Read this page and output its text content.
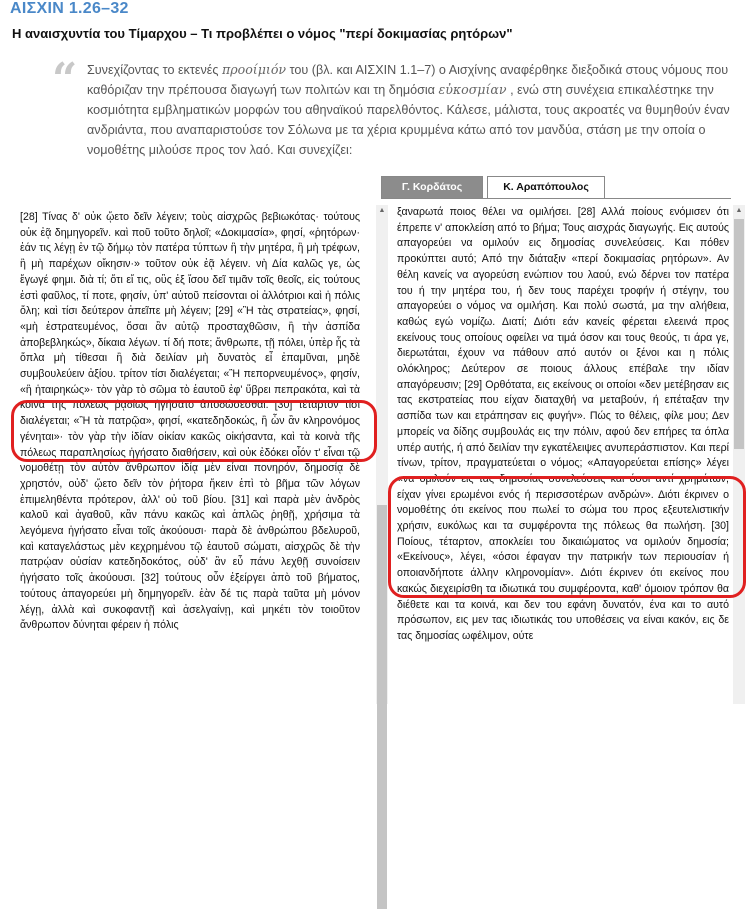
ΑΙΣΧΙΝ 1.26–32
Η αναισχυντία του Τίμαρχου – Τι προβλέπει ο νόμος "περί δοκιμασίας ρητόρων"
“ Συνεχίζοντας το εκτενές προοίμιόν του (βλ. και ΑΙΣΧΙΝ 1.1–7) ο Αισχίνης αναφέρθηκε διεξοδικά στους νόμους που καθόριζαν την πρέπουσα διαγωγή των πολιτών και τη δημόσια εὐκοσμίαν , ενώ στη συνέχεια επικαλέστηκε την κοσμιότητα εμβληματικών μορφών του αθηναϊκού παρελθόντος. Κάλεσε, μάλιστα, τους ακροατές να θυμηθούν έναν ανδριάντα, που αναπαριστούσε τον Σόλωνα με τα χέρια κρυμμένα κάτω από τον μανδύα, στάση με την οποία ο νομοθέτης μιλούσε προς τον λαό. Και συνεχίζει:
Γ. Κορδάτος	Κ. Αραπόπουλος

[28] Τίνας δ' οὐκ ᾤετο δεῖν λέγειν; τοὺς αἰσχρῶς βεβιωκότας· τούτους οὐκ ἐᾷ δημηγορεῖν. καὶ ποῦ τοῦτο δηλοῖ; «Δοκιμασία», φησί, «ῥητόρων· ἐάν τις λέγῃ ἐν τῷ δήμῳ τὸν πατέρα τύπτων ἢ τὴν μητέρα, ἢ μὴ τρέφων, ἢ μὴ παρέχων οἴκησιν·» τοῦτον οὐκ ἐᾷ λέγειν. νὴ Δία καλῶς γε, ὡς ἔγωγέ φημι. διὰ τί; ὅτι εἴ τις, οὓς ἐξ ἴσου δεῖ τιμᾶν τοῖς θεοῖς, εἰς τούτους ἐστὶ φαῦλος, τί ποτε, φησίν, ὑπ' αὐτοῦ πείσονται οἱ ἀλλότριοι καὶ ἡ πόλις ὅλη; καὶ τίσι δεύτερον ἀπεῖπε μὴ λέγειν; [29] «Ἢ τὰς στρατείας», φησί, «μὴ ἐστρατευμένος, ὅσαι ἂν αὐτῷ προσταχθῶσιν, ἢ τὴν ἀσπίδα ἀποβεβληκώς», δίκαια λέγων. τί δή ποτε; ἄνθρωπε, τῇ πόλει, ὑπὲρ ἧς τὰ ὅπλα μὴ τίθεσαι ἢ διὰ δειλίαν μὴ δυνατὸς εἶ ἐπαμῦναι, μηδὲ συμβουλεύειν ἀξίου. τρίτον τίσι διαλέγεται; «Ἢ πεπορνευμένος», φησίν, «ἢ ἡταιρηκώς»· τὸν γὰρ τὸ σῶμα τὸ ἑαυτοῦ ἐφ' ὕβρει πεπρακότα, καὶ τὰ κοινὰ τῆς πόλεως ῥᾳδίως ἡγήσατο ἀποδώσεσθαι. [30] τέταρτον τίσι διαλέγεται; «Ἢ τὰ πατρῷα», φησί, «κατεδηδοκώς, ἢ ὧν ἂν κληρονόμος γένηται»· τὸν γὰρ τὴν ἰδίαν οἰκίαν κακῶς οἰκήσαντα, καὶ τὰ κοινὰ τῆς πόλεως παραπλησίως ἡγήσατο διαθήσειν, καὶ οὐκ ἐδόκει οἷόν τ' εἶναι τῷ νομοθέτῃ τὸν αὐτὸν ἄνθρωπον ἰδίᾳ μὲν εἶναι πονηρόν, δημοσίᾳ δὲ χρηστόν, οὐδ' ᾤετο δεῖν τὸν ῥήτορα ἥκειν ἐπὶ τὸ βῆμα τῶν λόγων ἐπιμεληθέντα πρότερον, ἀλλ' οὐ τοῦ βίου. [31] καὶ παρὰ μὲν ἀνδρὸς καλοῦ καὶ ἀγαθοῦ, κἂν πάνυ κακῶς καὶ ἁπλῶς ῥηθῇ, χρήσιμα τὰ λεγόμενα ἡγήσατο εἶναι τοῖς ἀκούουσι· παρὰ δὲ ἀνθρώπου βδελυροῦ, καὶ καταγελάστως μὲν κεχρημένου τῷ ἑαυτοῦ σώματι, αἰσχρῶς δὲ τὴν πατρῴαν οὐσίαν κατεδηδοκότος, οὐδ' ἂν εὖ πάνυ λεχθῇ συνοίσειν ἡγήσατο τοῖς ἀκούουσι. [32] τούτους οὖν ἐξείργει ἀπὸ τοῦ βήματος, τούτους ἀπαγορεύει μὴ δημηγορεῖν. ἐὰν δέ τις παρὰ ταῦτα μὴ μόνον λέγῃ, ἀλλὰ καὶ συκοφαντῇ καὶ ἀσελγαίνῃ, καὶ μηκέτι τὸν τοιοῦτον ἄνθρωπον δύνηται φέρειν ἡ πόλις

▲ ξαναρωτά ποιος θέλει να ομιλήσει. [28] Αλλά ποίους ενόμισεν ότι έπρεπε ν' αποκλείση από το βήμα; Τους αισχράς διαγωγής. Εις αυτούς απαγορεύει να ομιλούν εις δημοσίας συνελεύσεις. Και πόθεν προκύπτει αυτό; Από την διάταξιν «περί δοκιμασίας ρητόρων». Αν θέλη κανείς να αγορεύση ενώπιον του λαού, ενώ δέρνει τον πατέρα του ή την μητέρα του, ή δεν τους παρέχει τροφήν ή στέγην, του απαγορεύει ο νόμος να ομιλήση. Και πολύ σωστά, μα την αλήθεια, καθώς εγώ νομίζω. Διατί; Διότι εάν κανείς φέρεται ελεεινά προς εκείνους τους οποίους οφείλει να τιμά όσον και τους θεούς, τι άρα γε, διερωτάται, έχουν να πάθουν από αυτόν οι ξένοι και η πόλις ολόκληρος; Δεύτερον σε ποιους άλλους επέβαλε την ιδίαν απαγόρευσιν; [29] Ορθότατα, εις εκείνους οι οποίοι «δεν μετέβησαν εις τας εκστρατείας που είχαν διαταχθή να μεταβούν, ή επέταξαν την ασπίδα των και ετράπησαν εις φυγήν». Πώς το θέλεις, φίλε μου; Δεν μπορείς να δίδης συμβουλάς εις την πόλιν, αφού δεν επήρες τα όπλα υπέρ αυτής, ή από δειλίαν την εγκατέλειψες ανυπεράσπιστον. Και περί τίνων, τρίτον, πραγματεύεται ο νόμος; «Απαγορεύεται επίσης» λέγει «να ομιλούν εις τας δημοσίας συνελεύσεις και όσοι αντί χρημάτων, είχαν γίνει ερωμένοι ενός ή περισσοτέρων ανδρών». Διότι έκρινεν ο νομοθέτης ότι εκείνος που πωλεί το σώμα του προς εξευτελιστικήν χρήσιν, ευκόλως και τα συμφέροντα της πόλεως θα πωλήση. [30] Ποίους, τέταρτον, αποκλείει του δικαιώματος να ομιλούν δημοσία; «Εκείνους», λέγει, «όσοι έφαγαν την πατρικήν των περιουσίαν ή οποιανδήποτε άλλην κληρονομίαν». Διότι έκρινεν ότι εκείνος που κακώς διεχειρίσθη τα ιδιωτικά του συμφέροντα, καθ' όμοιον τρόπον θα διέθετε και τα κοινά, και δεν του εφάνη δυνατόν, ένα και το αυτό πρόσωπον, εις μεν τας ιδιωτικάς του υποθέσεις να είναι κακόν, εις δε τας δημοσίας ωφέλιμον, ούτε

▲
